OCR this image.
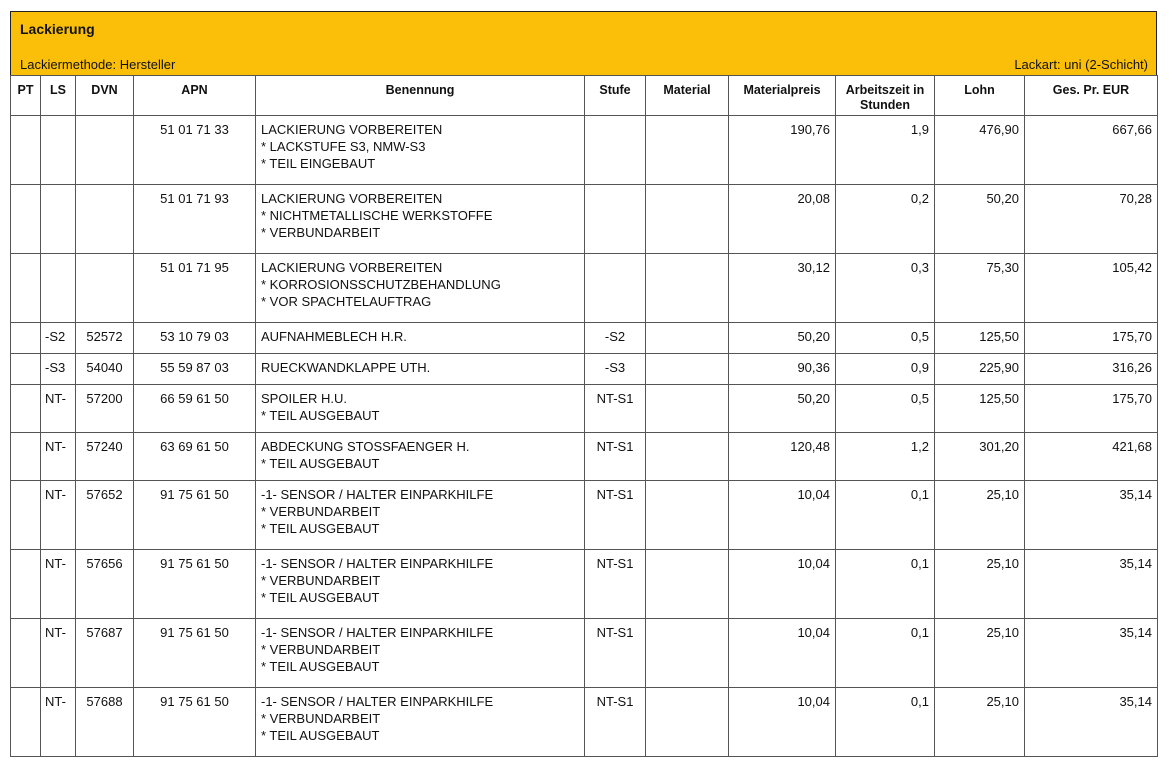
Lackierung
Lackiermethode: Hersteller	Lackart: uni (2-Schicht)
PT	LS	DVN	APN	Benennung	Stufe	Material	Materialpreis	Arbeitszeit in Stunden	Lohn	Ges. Pr. EUR
			51 01 71 33	LACKIERUNG VORBEREITEN
* LACKSTUFE S3, NMW-S3
* TEIL EINGEBAUT			190,76	1,9	476,90	667,66
			51 01 71 93	LACKIERUNG VORBEREITEN
* NICHTMETALLISCHE WERKSTOFFE
* VERBUNDARBEIT			20,08	0,2	50,20	70,28
			51 01 71 95	LACKIERUNG VORBEREITEN
* KORROSIONSSCHUTZBEHANDLUNG
* VOR SPACHTELAUFTRAG			30,12	0,3	75,30	105,42
	-S2	52572	53 10 79 03	AUFNAHMEBLECH H.R.	-S2		50,20	0,5	125,50	175,70
	-S3	54040	55 59 87 03	RUECKWANDKLAPPE UTH.	-S3		90,36	0,9	225,90	316,26
	NT-	57200	66 59 61 50	SPOILER H.U.
* TEIL AUSGEBAUT	NT-S1		50,20	0,5	125,50	175,70
	NT-	57240	63 69 61 50	ABDECKUNG STOSSFAENGER H.
* TEIL AUSGEBAUT	NT-S1		120,48	1,2	301,20	421,68
	NT-	57652	91 75 61 50	-1- SENSOR / HALTER EINPARKHILFE
* VERBUNDARBEIT
* TEIL AUSGEBAUT	NT-S1		10,04	0,1	25,10	35,14
	NT-	57656	91 75 61 50	-1- SENSOR / HALTER EINPARKHILFE
* VERBUNDARBEIT
* TEIL AUSGEBAUT	NT-S1		10,04	0,1	25,10	35,14
	NT-	57687	91 75 61 50	-1- SENSOR / HALTER EINPARKHILFE
* VERBUNDARBEIT
* TEIL AUSGEBAUT	NT-S1		10,04	0,1	25,10	35,14
	NT-	57688	91 75 61 50	-1- SENSOR / HALTER EINPARKHILFE
* VERBUNDARBEIT
* TEIL AUSGEBAUT	NT-S1		10,04	0,1	25,10	35,14
